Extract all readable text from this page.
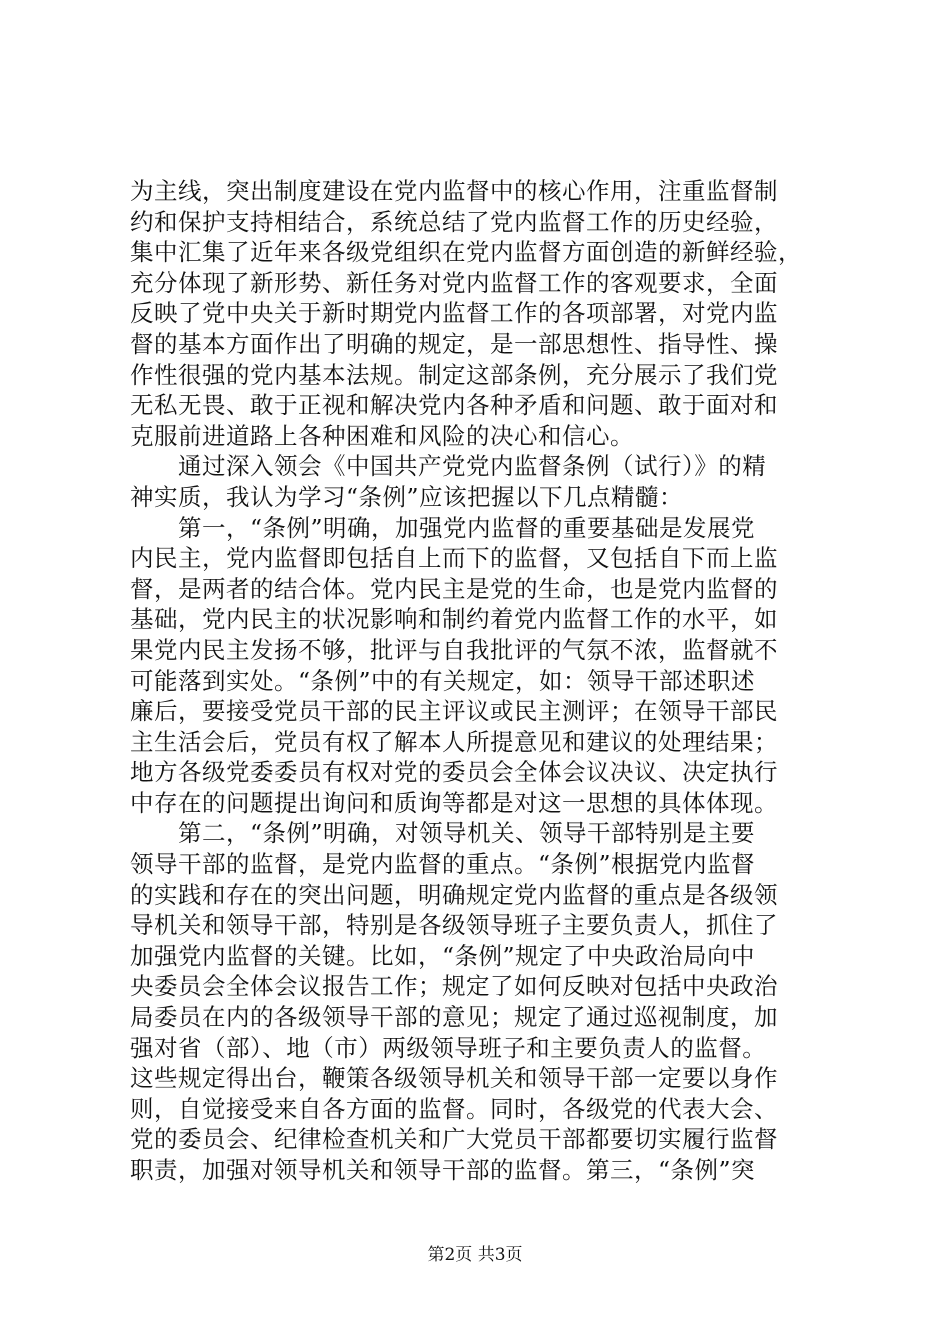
为主线，突出制度建设在党内监督中的核心作用，注重监督制
约和保护支持相结合，系统总结了党内监督工作的历史经验，
集中汇集了近年来各级党组织在党内监督方面创造的新鲜经验，
充分体现了新形势、新任务对党内监督工作的客观要求，全面
反映了党中央关于新时期党内监督工作的各项部署，对党内监
督的基本方面作出了明确的规定，是一部思想性、指导性、操
作性很强的党内基本法规。制定这部条例，充分展示了我们党
无私无畏、敢于正视和解决党内各种矛盾和问题、敢于面对和
克服前进道路上各种困难和风险的决心和信心。
　　通过深入领会《中国共产党党内监督条例（试行）》的精
神实质，我认为学习“条例”应该把握以下几点精髓：
　　第一，“条例”明确，加强党内监督的重要基础是发展党
内民主，党内监督即包括自上而下的监督，又包括自下而上监
督，是两者的结合体。党内民主是党的生命，也是党内监督的
基础，党内民主的状况影响和制约着党内监督工作的水平，如
果党内民主发扬不够，批评与自我批评的气氛不浓，监督就不
可能落到实处。“条例”中的有关规定，如：领导干部述职述
廉后，要接受党员干部的民主评议或民主测评；在领导干部民
主生活会后，党员有权了解本人所提意见和建议的处理结果；
地方各级党委委员有权对党的委员会全体会议决议、决定执行
中存在的问题提出询问和质询等都是对这一思想的具体体现。
　　第二，“条例”明确，对领导机关、领导干部特别是主要
领导干部的监督，是党内监督的重点。“条例”根据党内监督
的实践和存在的突出问题，明确规定党内监督的重点是各级领
导机关和领导干部，特别是各级领导班子主要负责人，抓住了
加强党内监督的关键。比如，“条例”规定了中央政治局向中
央委员会全体会议报告工作；规定了如何反映对包括中央政治
局委员在内的各级领导干部的意见；规定了通过巡视制度，加
强对省（部）、地（市）两级领导班子和主要负责人的监督。
这些规定得出台，鞭策各级领导机关和领导干部一定要以身作
则，自觉接受来自各方面的监督。同时，各级党的代表大会、
党的委员会、纪律检查机关和广大党员干部都要切实履行监督
职责，加强对领导机关和领导干部的监督。第三，“条例”突
第2页 共3页
